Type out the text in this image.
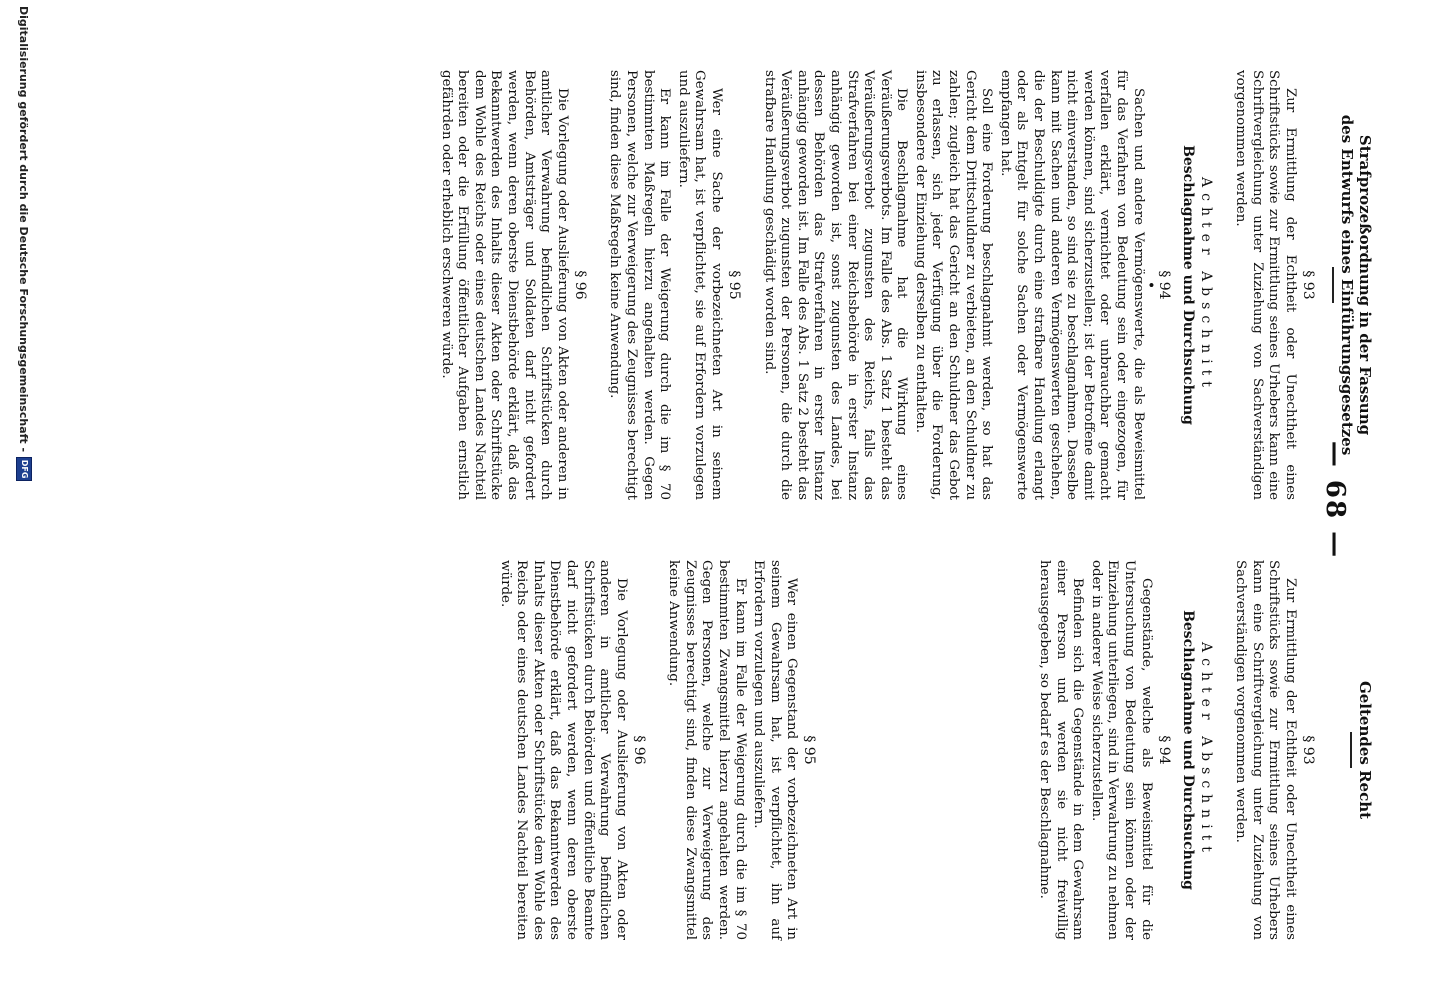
— 68 —
Strafprozeßordnung in der Fassung
des Entwurfs eines Einführungsgesetzes
§ 93

Zur Ermittlung der Echtheit oder Unechtheit eines Schriftstücks sowie zur Ermittlung seines Urhebers kann eine Schriftvergleichung unter Zuziehung von Sachverständigen vorgenommen werden.

Achter Abschnitt
Beschlagnahme und Durchsuchung
§ 94
•

Sachen und andere Vermögenswerte, die als Beweismittel für das Verfahren von Bedeutung sein oder eingezogen, für verfallen erklärt, vernichtet oder unbrauchbar gemacht werden können, sind sicherzustellen; ist der Betroffene damit nicht einverstanden, so sind sie zu beschlagnahmen. Dasselbe kann mit Sachen und anderen Vermögenswerten geschehen, die der Beschuldigte durch eine strafbare Handlung erlangt oder als Entgelt für solche Sachen oder Vermögenswerte empfangen hat.

Soll eine Forderung beschlagnahmt werden, so hat das Gericht dem Drittschuldner zu verbieten, an den Schuldner zu zahlen; zugleich hat das Gericht an den Schuldner das Gebot zu erlassen, sich jeder Verfügung über die Forderung, insbesondere der Einziehung derselben zu enthalten.

Die Beschlagnahme hat die Wirkung eines Veräußerungsverbots. Im Falle des Abs. 1 Satz 1 besteht das Veräußerungsverbot zugunsten des Reichs, falls das Strafverfahren bei einer Reichsbehörde in erster Instanz anhängig geworden ist, sonst zugunsten des Landes, bei dessen Behörden das Strafverfahren in erster Instanz anhängig geworden ist. Im Falle des Abs. 1 Satz 2 besteht das Veräußerungsverbot zugunsten der Personen, die durch die strafbare Handlung geschädigt worden sind.

§ 95

Wer eine Sache der vorbezeichneten Art in seinem Gewahrsam hat, ist verpflichtet, sie auf Erfordern vorzulegen und auszuliefern.

Er kann im Falle der Weigerung durch die im § 70 bestimmten Maßregeln hierzu angehalten werden. Gegen Personen, welche zur Verweigerung des Zeugnisses berechtigt sind, finden diese Maßregeln keine Anwendung.

§ 96

Die Vorlegung oder Auslieferung von Akten oder anderen in amtlicher Verwahrung befindlichen Schriftstücken durch Behörden, Amtsträger und Soldaten darf nicht gefordert werden, wenn deren oberste Dienstbehörde erklärt, daß das Bekanntwerden des Inhalts dieser Akten oder Schriftstücke dem Wohle des Reichs oder eines deutschen Landes Nachteil bereiten oder die Erfüllung öffentlicher Aufgaben ernstlich gefährden oder erheblich erschweren würde.

Geltendes Recht
§ 93

Zur Ermittlung der Echtheit oder Unechtheit eines Schriftstücks sowie zur Ermittlung seines Urhebers kann eine Schriftvergleichung unter Zuziehung von Sachverständigen vorgenommen werden.

Achter Abschnitt
Beschlagnahme und Durchsuchung
§ 94

Gegenstände, welche als Beweismittel für die Untersuchung von Bedeutung sein können oder der Einziehung unterliegen, sind in Verwahrung zu nehmen oder in anderer Weise sicherzustellen.

Befinden sich die Gegenstände in dem Gewahrsam einer Person und werden sie nicht freiwillig herausgegeben, so bedarf es der Beschlagnahme.

§ 95

Wer einen Gegenstand der vorbezeichneten Art in seinem Gewahrsam hat, ist verpflichtet, ihn auf Erfordern vorzulegen und auszuliefern.

Er kann im Falle der Weigerung durch die im § 70 bestimmten Zwangsmittel hierzu angehalten werden. Gegen Personen, welche zur Verweigerung des Zeugnisses berechtigt sind, finden diese Zwangsmittel keine Anwendung.

§ 96

Die Vorlegung oder Auslieferung von Akten oder anderen in amtlicher Verwahrung befindlichen Schriftstücken durch Behörden und öffentliche Beamte darf nicht gefordert werden, wenn deren oberste Dienstbehörde erklärt, daß das Bekanntwerden des Inhalts dieser Akten oder Schriftstücke dem Wohle des Reichs oder eines deutschen Landes Nachteil bereiten würde.

Digitalisierung gefördert durch die Deutsche Forschungsgemeinschaft -
DFG
